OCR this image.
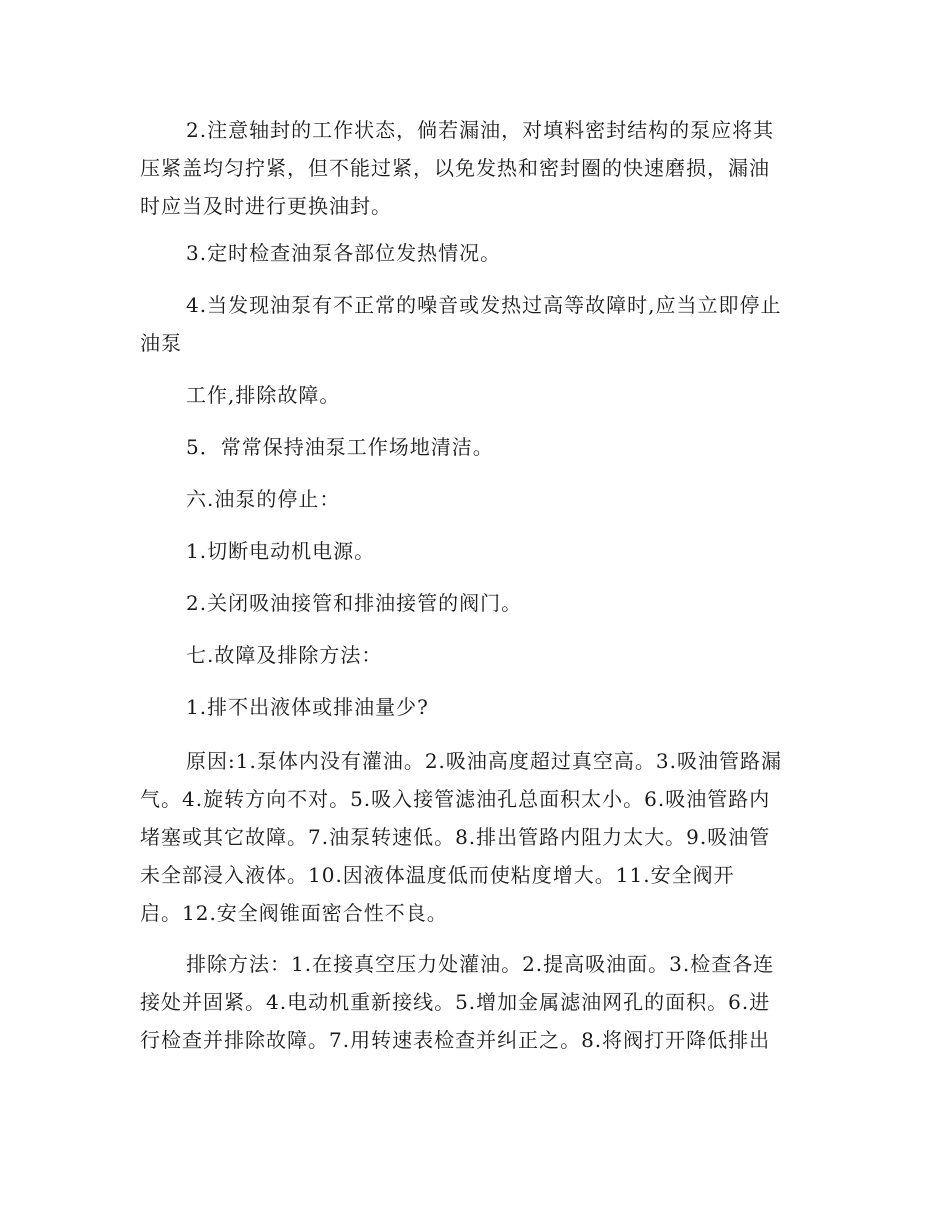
2.注意轴封的工作状态，倘若漏油，对填料密封结构的泵应将其
压紧盖均匀拧紧，但不能过紧，以免发热和密封圈的快速磨损，漏油
时应当及时进行更换油封。

3.定时检查油泵各部位发热情况。

4.当发现油泵有不正常的噪音或发热过高等故障时,应当立即停止
油泵

工作,排除故障。

5．常常保持油泵工作场地清洁。

六.油泵的停止：

1.切断电动机电源。

2.关闭吸油接管和排油接管的阀门。

七.故障及排除方法：

1.排不出液体或排油量少?

原因:1.泵体内没有灌油。2.吸油高度超过真空高。3.吸油管路漏
气。4.旋转方向不对。5.吸入接管滤油孔总面积太小。6.吸油管路内
堵塞或其它故障。7.油泵转速低。8.排出管路内阻力太大。9.吸油管
未全部浸入液体。10.因液体温度低而使粘度增大。11.安全阀开
启。12.安全阀锥面密合性不良。

排除方法：1.在接真空压力处灌油。2.提高吸油面。3.检查各连
接处并固紧。4.电动机重新接线。5.增加金属滤油网孔的面积。6.进
行检查并排除故障。7.用转速表检查并纠正之。8.将阀打开降低排出
